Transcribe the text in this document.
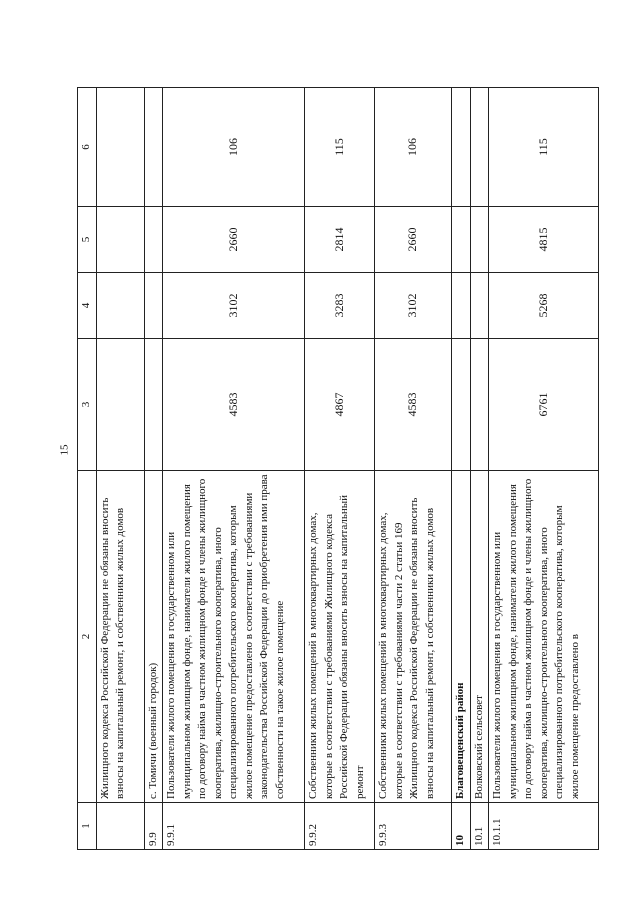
15
1	2	3	4	5	6
	Жилищного кодекса Российской Федерации не обязаны вносить взносы на капитальный ремонт, и собственники жилых домов				
9.9	с. Томичи (военный городок)				
9.9.1	Пользователи жилого помещения в государственном или муниципальном жилищном фонде, наниматели жилого помещения по договору найма в частном жилищном фонде и члены жилищного кооператива, жилищно-строительного кооператива, иного специализированного потребительского кооператива, которым жилое помещение предоставлено в соответствии с требованиями законодательства Российской Федерации до приобретения ими права собственности на такое жилое помещение	4583	3102	2660	106
9.9.2	Собственники жилых помещений в многоквартирных домах, которые в соответствии с требованиями Жилищного кодекса Российской Федерации обязаны вносить взносы на капитальный ремонт	4867	3283	2814	115
9.9.3	Собственники жилых помещений в многоквартирных домах, которые в соответствии с требованиями части 2 статьи 169 Жилищного кодекса Российской Федерации не обязаны вносить взносы на капитальный ремонт, и собственники жилых домов	4583	3102	2660	106
10	Благовещенский район				
10.1	Волковский сельсовет				
10.1.1	Пользователи жилого помещения в государственном или муниципальном жилищном фонде, наниматели жилого помещения по договору найма в частном жилищном фонде и члены жилищного кооператива, жилищно-строительного кооператива, иного специализированного потребительского кооператива, которым жилое помещение предоставлено в	6761	5268	4815	115
